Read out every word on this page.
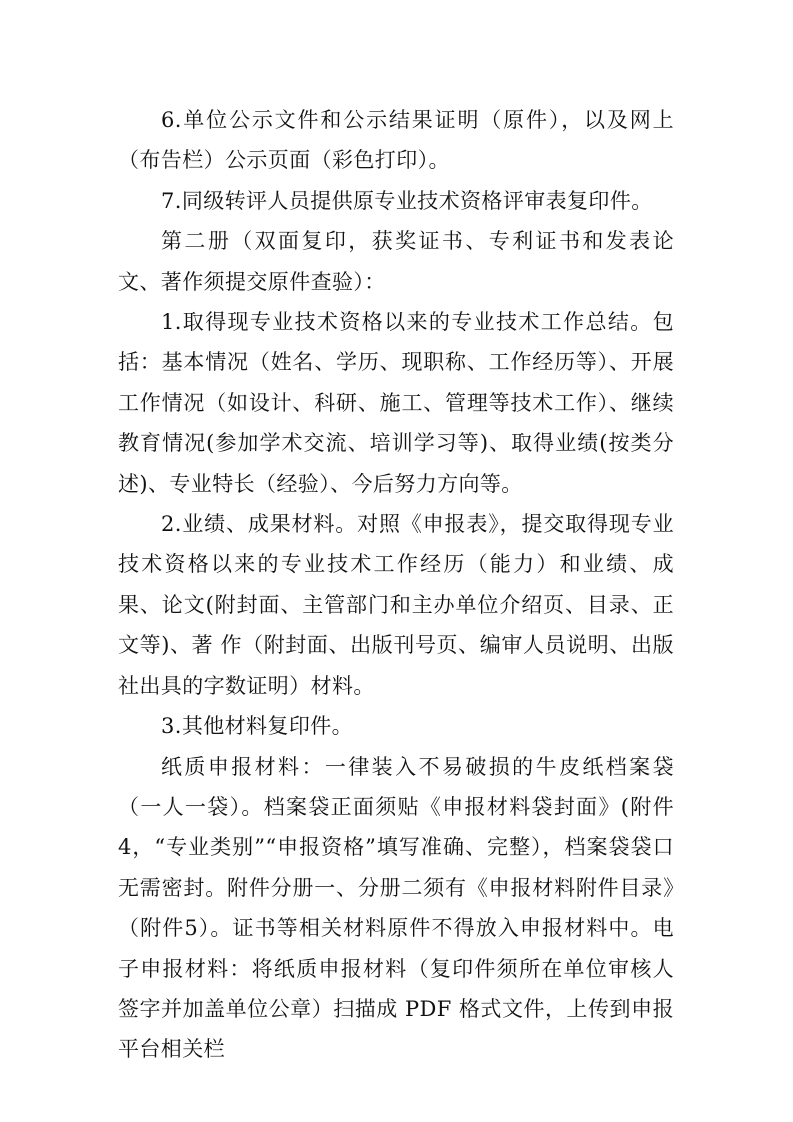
6.单位公示文件和公示结果证明（原件），以及网上（布告栏）公示页面（彩色打印）。

7.同级转评人员提供原专业技术资格评审表复印件。

第二册（双面复印，获奖证书、专利证书和发表论文、著作须提交原件查验）：

1.取得现专业技术资格以来的专业技术工作总结。包括：基本情况（姓名、学历、现职称、工作经历等）、开展工作情况（如设计、科研、施工、管理等技术工作）、继续教育情况(参加学术交流、培训学习等)、取得业绩(按类分述)、专业特长（经验）、今后努力方向等。

2.业绩、成果材料。对照《申报表》，提交取得现专业技术资格以来的专业技术工作经历（能力）和业绩、成果、论文(附封面、主管部门和主办单位介绍页、目录、正文等)、著 作（附封面、出版刊号页、编审人员说明、出版社出具的字数证明）材料。

3.其他材料复印件。

纸质申报材料：一律装入不易破损的牛皮纸档案袋（一人一袋）。档案袋正面须贴《申报材料袋封面》(附件 4，“专业类别”“申报资格”填写准确、完整），档案袋袋口无需密封。附件分册一、分册二须有《申报材料附件目录》（附件5）。证书等相关材料原件不得放入申报材料中。电子申报材料：将纸质申报材料（复印件须所在单位审核人签字并加盖单位公章）扫描成 PDF 格式文件，上传到申报平台相关栏
